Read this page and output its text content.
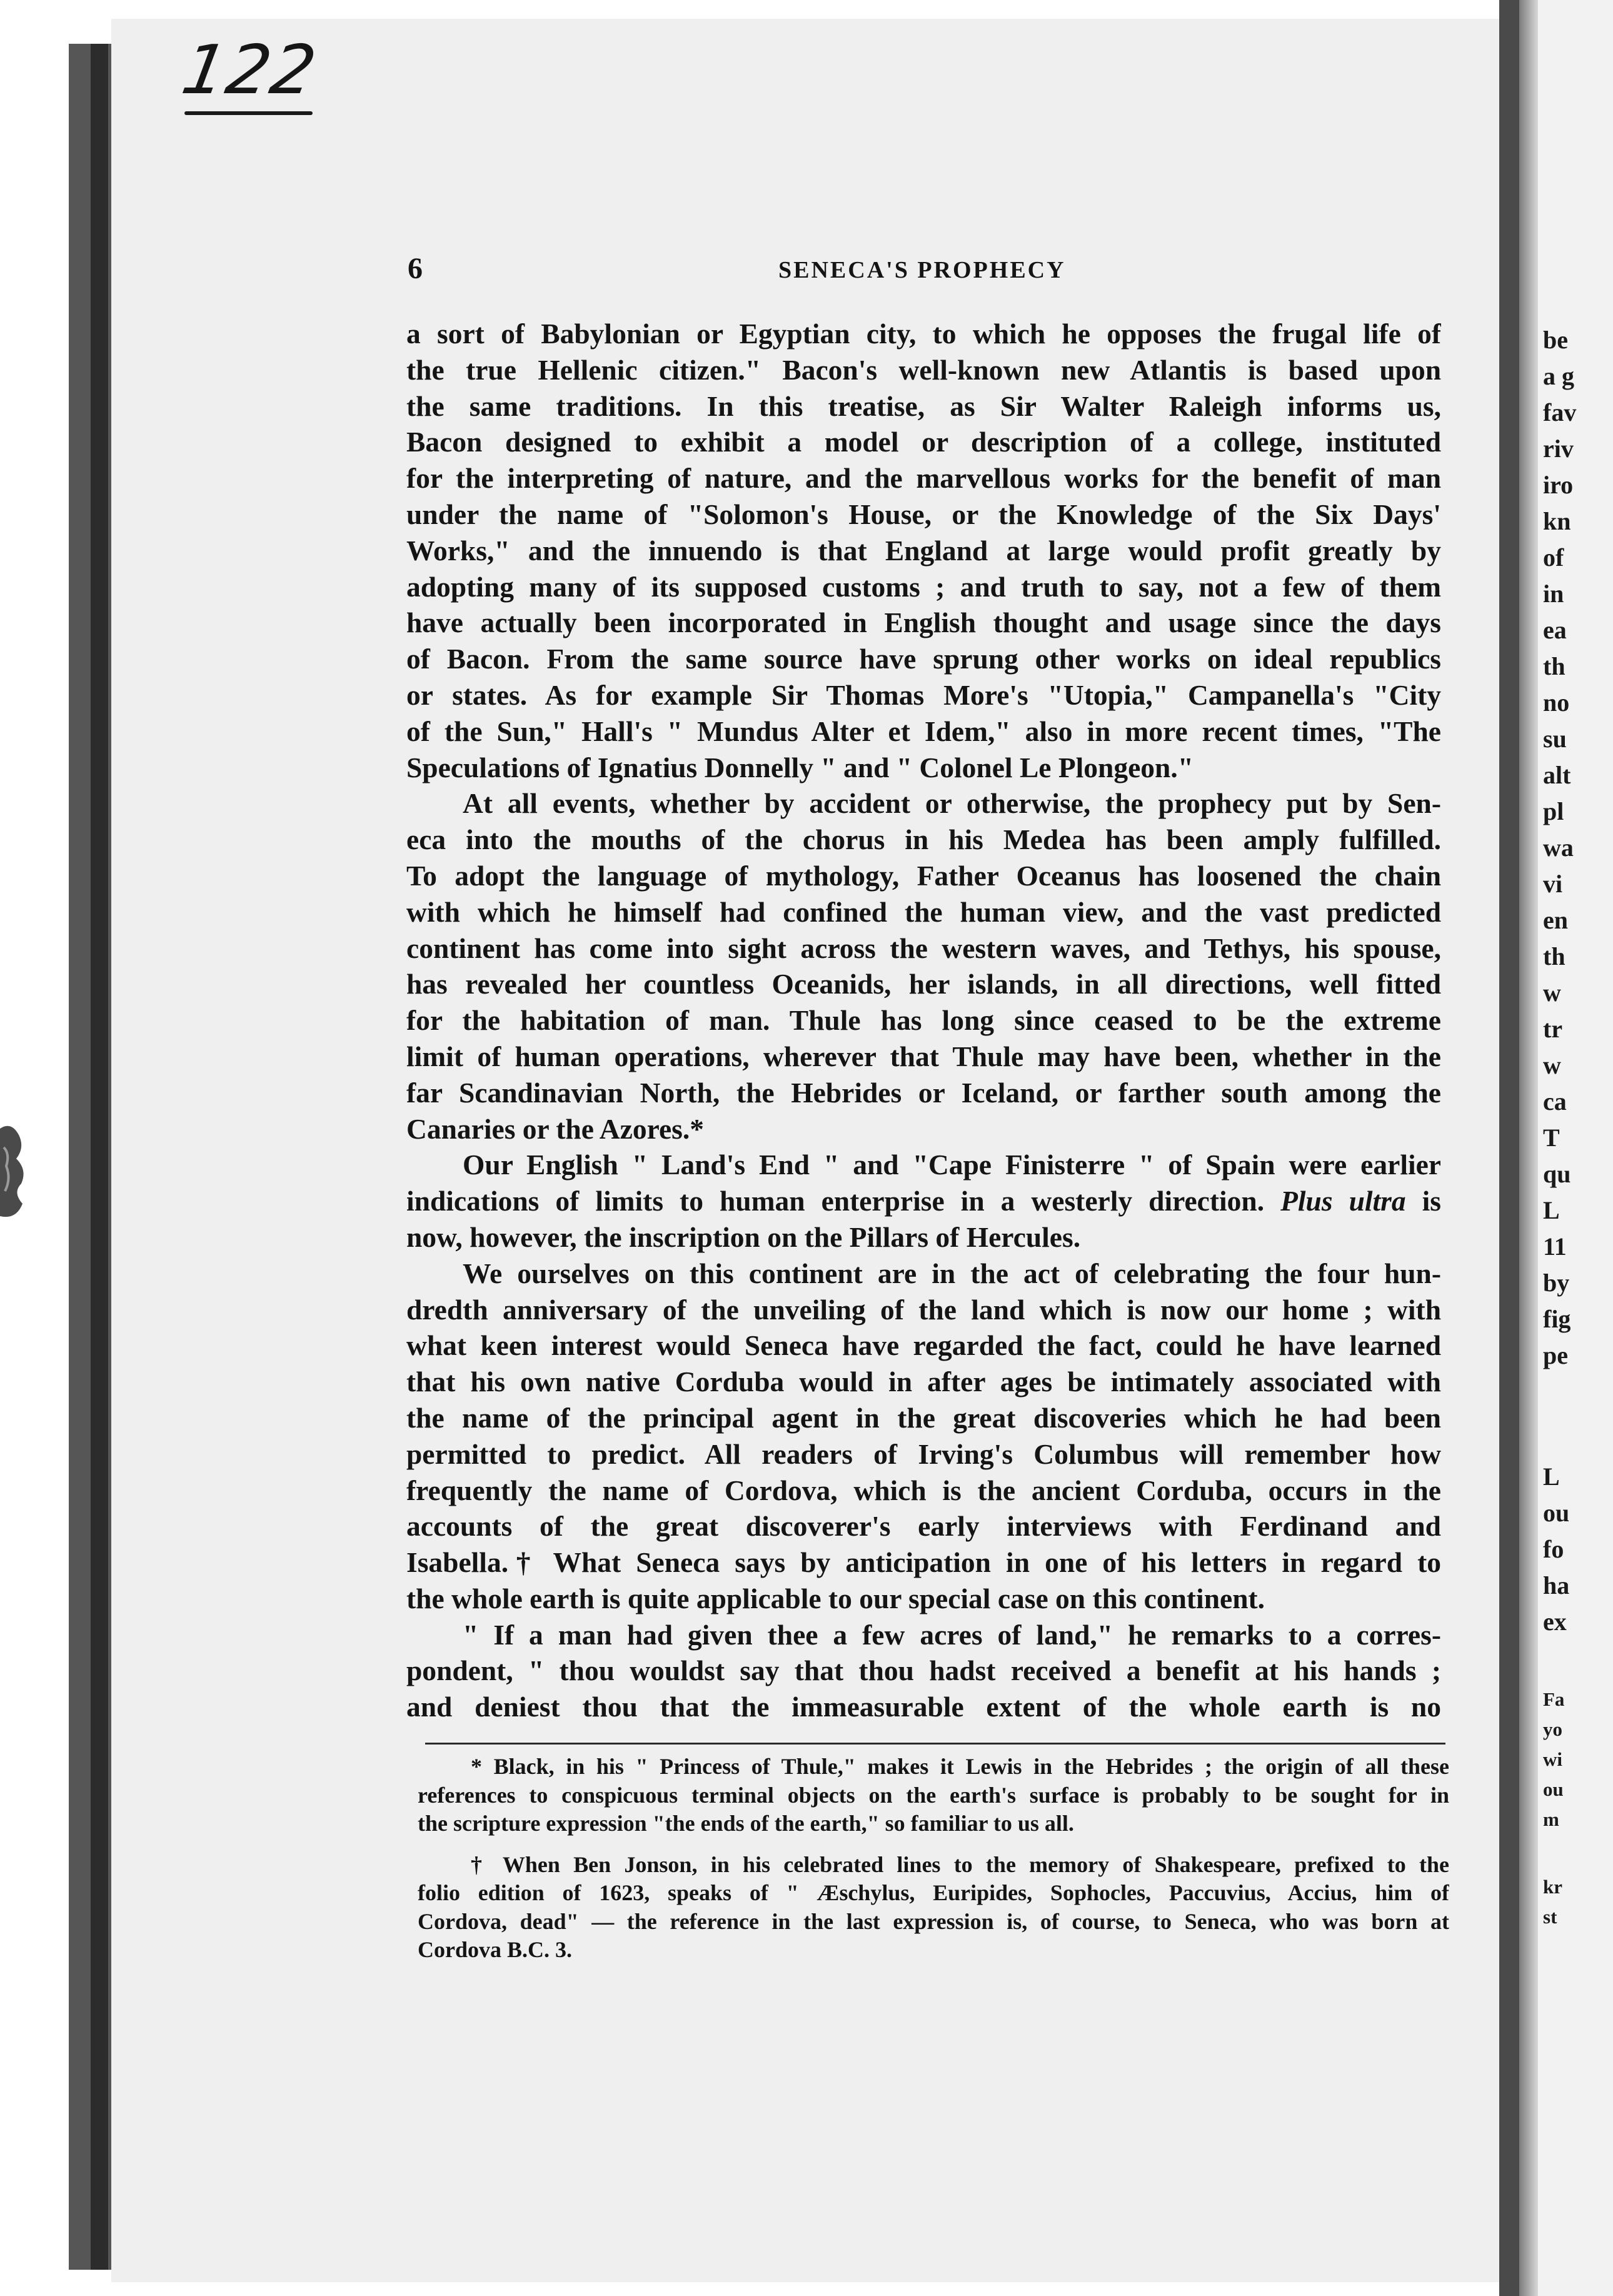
be
a g
fav
riv
iro
kn
of
in
ea
th
no
su
alt
pl
wa
vi
en
th
w
tr
w
ca
T
qu
L
11
by
fig
pe
L
ou
fo
ha
ex
Fa
yo
wi
ou
m
kr
st
122
6	SENECA'S PROPHECY
a sort of Babylonian or Egyptian city, to which he opposes the frugal life of
the true Hellenic citizen." Bacon's well-known new Atlantis is based upon
the same traditions. In this treatise, as Sir Walter Raleigh informs us,
Bacon designed to exhibit a model or description of a college, instituted
for the interpreting of nature, and the marvellous works for the benefit of man
under the name of "Solomon's House, or the Knowledge of the Six Days'
Works," and the innuendo is that England at large would profit greatly by
adopting many of its supposed customs ; and truth to say, not a few of them
have actually been incorporated in English thought and usage since the days
of Bacon. From the same source have sprung other works on ideal republics
or states. As for example Sir Thomas More's "Utopia," Campanella's "City
of the Sun," Hall's " Mundus Alter et Idem," also in more recent times, "The
Speculations of Ignatius Donnelly " and " Colonel Le Plongeon."
At all events, whether by accident or otherwise, the prophecy put by Sen-
eca into the mouths of the chorus in his Medea has been amply fulfilled.
To adopt the language of mythology, Father Oceanus has loosened the chain
with which he himself had confined the human view, and the vast predicted
continent has come into sight across the western waves, and Tethys, his spouse,
has revealed her countless Oceanids, her islands, in all directions, well fitted
for the habitation of man. Thule has long since ceased to be the extreme
limit of human operations, wherever that Thule may have been, whether in the
far Scandinavian North, the Hebrides or Iceland, or farther south among the
Canaries or the Azores.*
Our English " Land's End " and "Cape Finisterre " of Spain were earlier
indications of limits to human enterprise in a westerly direction. Plus ultra is
now, however, the inscription on the Pillars of Hercules.
We ourselves on this continent are in the act of celebrating the four hun-
dredth anniversary of the unveiling of the land which is now our home ; with
what keen interest would Seneca have regarded the fact, could he have learned
that his own native Corduba would in after ages be intimately associated with
the name of the principal agent in the great discoveries which he had been
permitted to predict. All readers of Irving's Columbus will remember how
frequently the name of Cordova, which is the ancient Corduba, occurs in the
accounts of the great discoverer's early interviews with Ferdinand and
Isabella.† What Seneca says by anticipation in one of his letters in regard to
the whole earth is quite applicable to our special case on this continent.
" If a man had given thee a few acres of land," he remarks to a corres-
pondent, " thou wouldst say that thou hadst received a benefit at his hands ;
and deniest thou that the immeasurable extent of the whole earth is no
* Black, in his " Princess of Thule," makes it Lewis in the Hebrides ; the origin of all these
references to conspicuous terminal objects on the earth's surface is probably to be sought for in
the scripture expression "the ends of the earth," so familiar to us all.
† When Ben Jonson, in his celebrated lines to the memory of Shakespeare, prefixed to the
folio edition of 1623, speaks of " Æschylus, Euripides, Sophocles, Paccuvius, Accius, him of
Cordova, dead" — the reference in the last expression is, of course, to Seneca, who was born at
Cordova B.C. 3.
